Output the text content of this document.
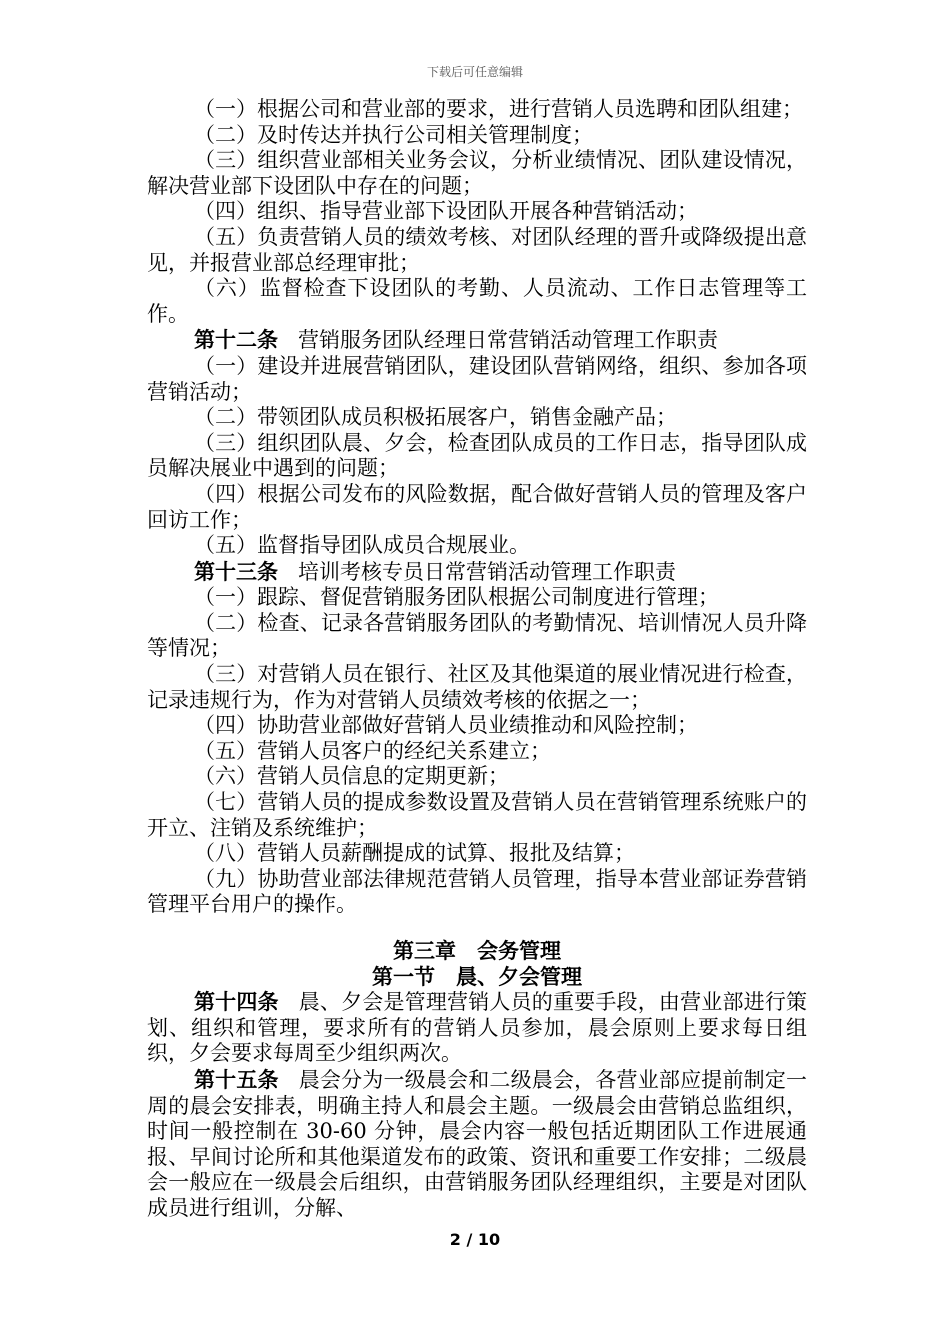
下载后可任意编辑

（一）根据公司和营业部的要求，进行营销人员选聘和团队组建；

（二）及时传达并执行公司相关管理制度；

（三）组织营业部相关业务会议，分析业绩情况、团队建设情况，解决营业部下设团队中存在的问题；

（四）组织、指导营业部下设团队开展各种营销活动；

（五）负责营销人员的绩效考核、对团队经理的晋升或降级提出意见，并报营业部总经理审批；

（六）监督检查下设团队的考勤、人员流动、工作日志管理等工作。

第十二条 营销服务团队经理日常营销活动管理工作职责

（一）建设并进展营销团队，建设团队营销网络，组织、参加各项营销活动；

（二）带领团队成员积极拓展客户，销售金融产品；

（三）组织团队晨、夕会，检查团队成员的工作日志，指导团队成员解决展业中遇到的问题；

（四）根据公司发布的风险数据，配合做好营销人员的管理及客户回访工作；

（五）监督指导团队成员合规展业。

第十三条 培训考核专员日常营销活动管理工作职责

（一）跟踪、督促营销服务团队根据公司制度进行管理；

（二）检查、记录各营销服务团队的考勤情况、培训情况人员升降等情况；

（三）对营销人员在银行、社区及其他渠道的展业情况进行检查，记录违规行为，作为对营销人员绩效考核的依据之一；

（四）协助营业部做好营销人员业绩推动和风险控制；

（五）营销人员客户的经纪关系建立；

（六）营销人员信息的定期更新；

（七）营销人员的提成参数设置及营销人员在营销管理系统账户的开立、注销及系统维护；

（八）营销人员薪酬提成的试算、报批及结算；

（九）协助营业部法律规范营销人员管理，指导本营业部证券营销管理平台用户的操作。

第三章　会务管理

第一节　晨、夕会管理

第十四条 晨、夕会是管理营销人员的重要手段，由营业部进行策划、组织和管理，要求所有的营销人员参加，晨会原则上要求每日组织，夕会要求每周至少组织两次。

第十五条 晨会分为一级晨会和二级晨会，各营业部应提前制定一周的晨会安排表，明确主持人和晨会主题。一级晨会由营销总监组织，时间一般控制在 30-60 分钟，晨会内容一般包括近期团队工作进展通报、早间讨论所和其他渠道发布的政策、资讯和重要工作安排；二级晨会一般应在一级晨会后组织，由营销服务团队经理组织，主要是对团队成员进行组训，分解、

2 / 10
